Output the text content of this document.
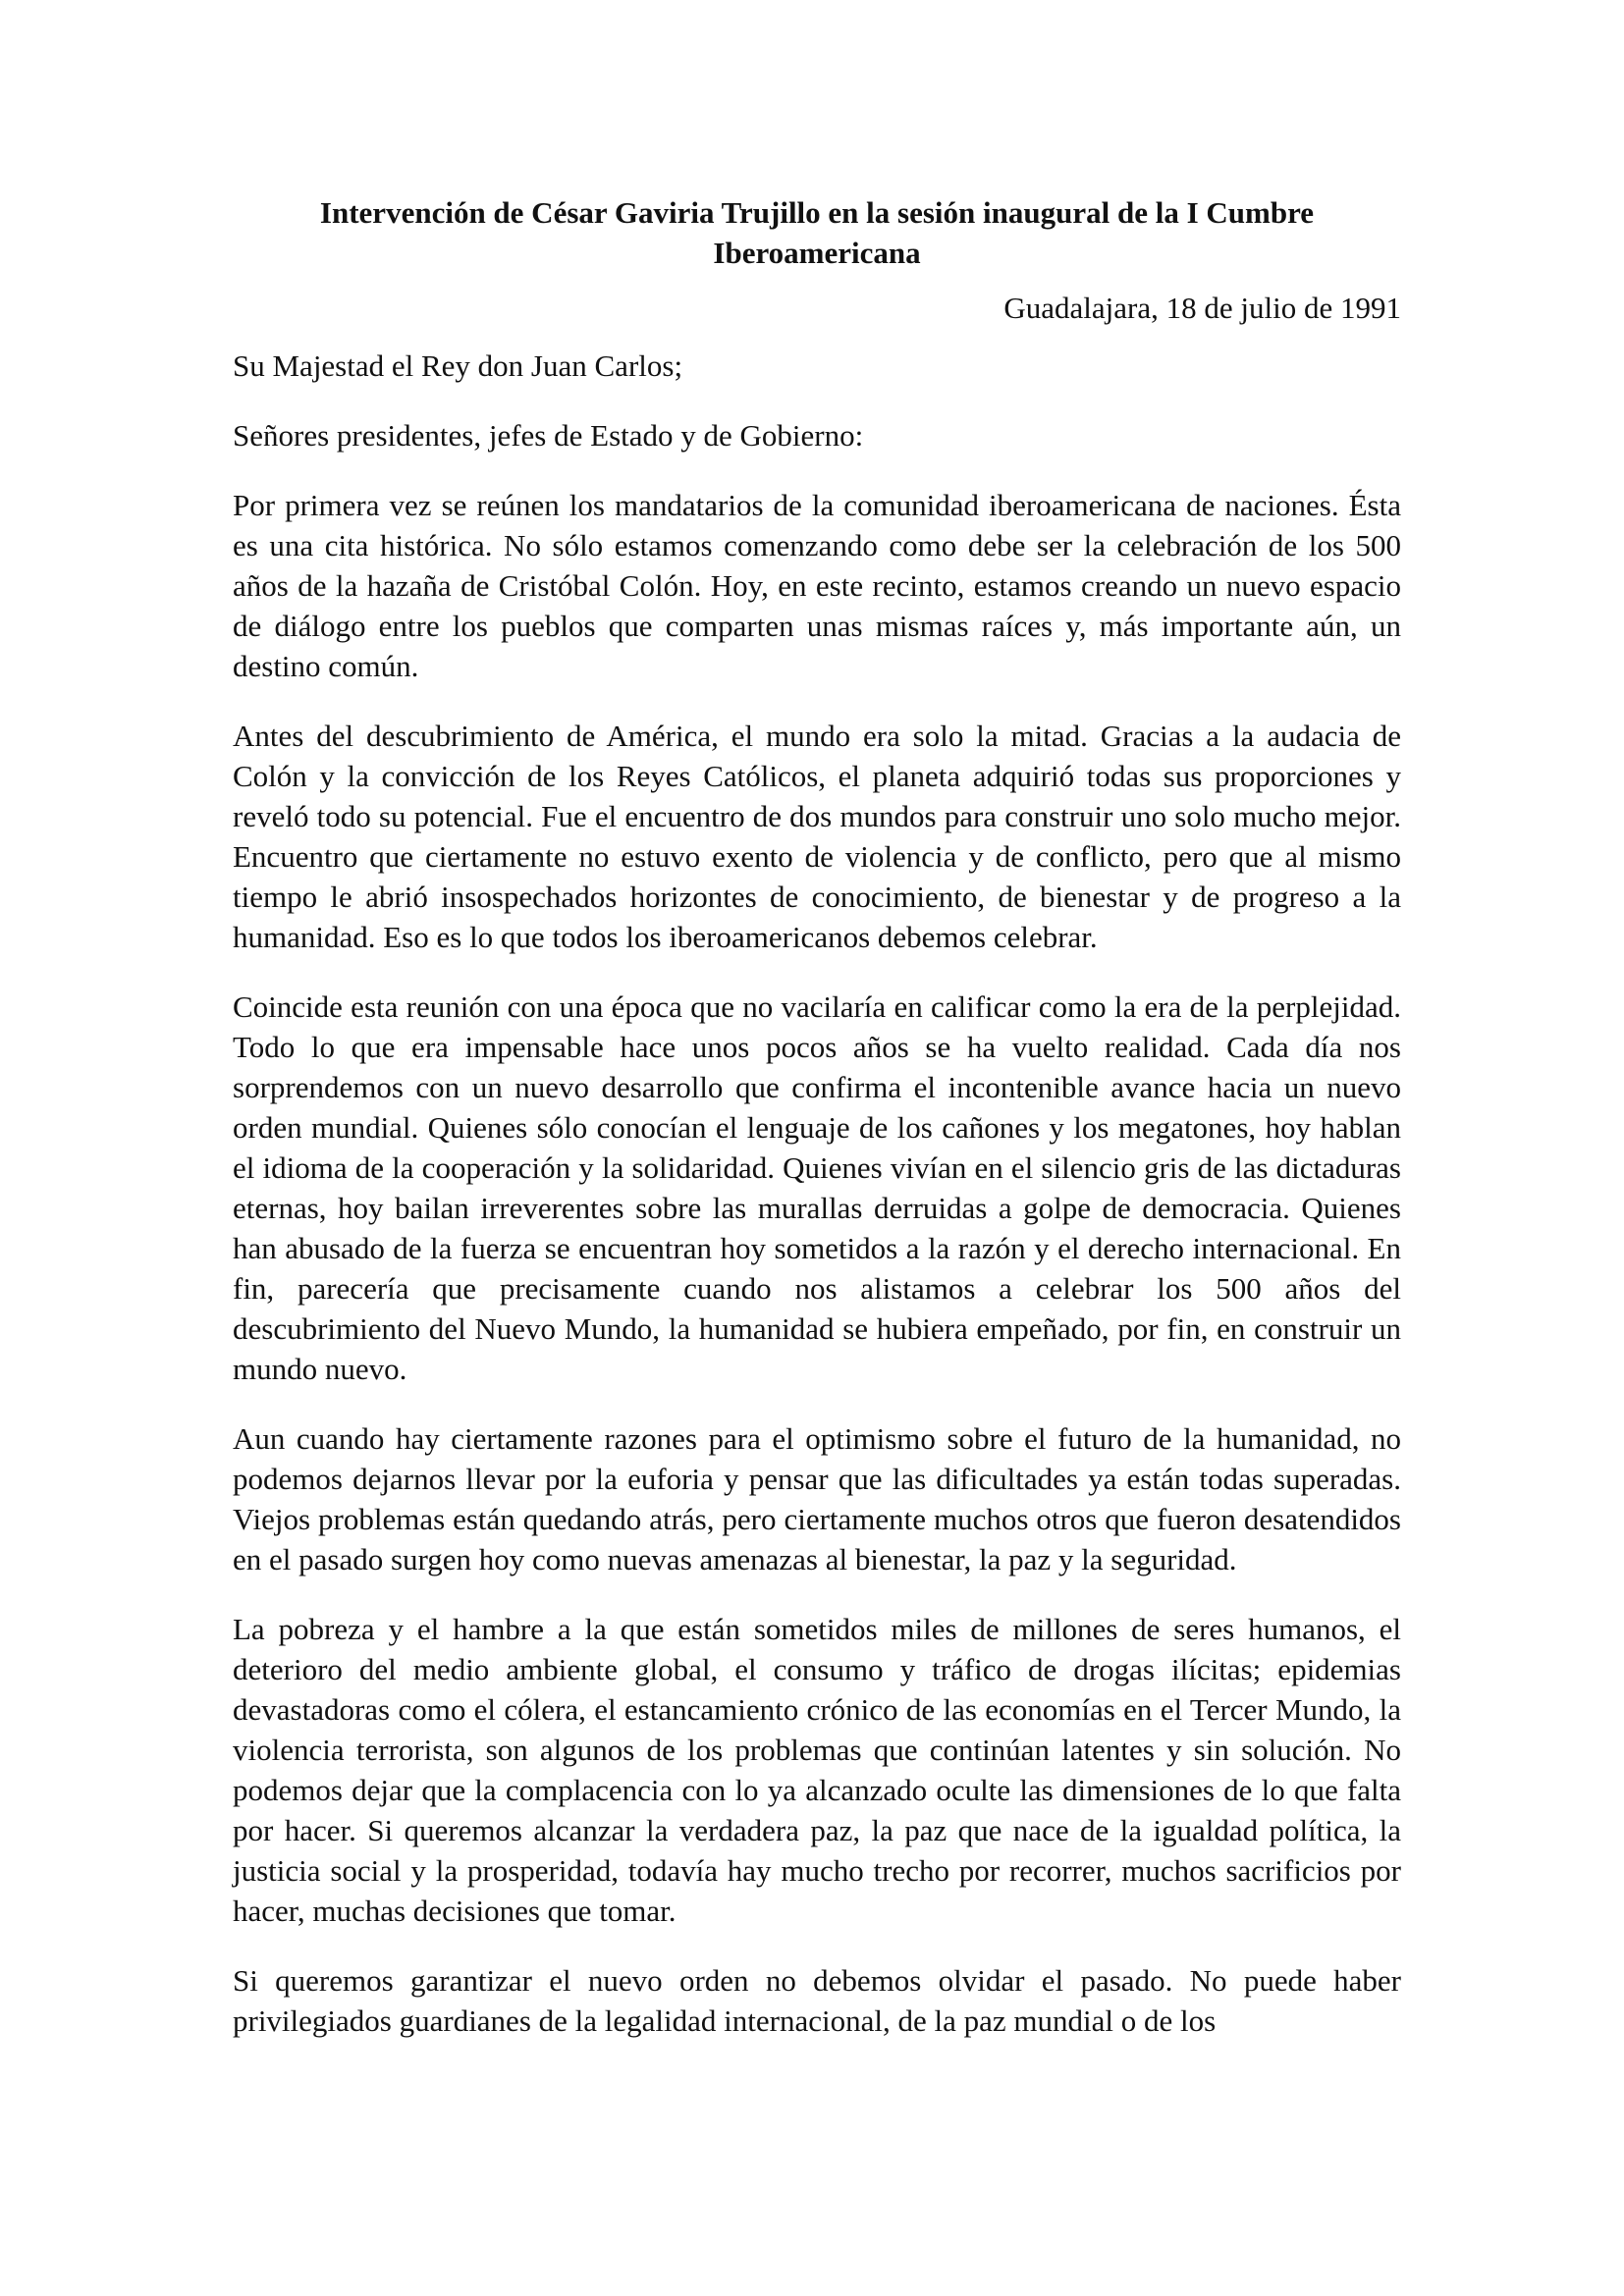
Intervención de César Gaviria Trujillo en la sesión inaugural de la I Cumbre Iberoamericana

Guadalajara, 18 de julio de 1991

Su Majestad el Rey don Juan Carlos;

Señores presidentes, jefes de Estado y de Gobierno:

Por primera vez se reúnen los mandatarios de la comunidad iberoamericana de naciones. Ésta es una cita histórica. No sólo estamos comenzando como debe ser la celebración de los 500 años de la hazaña de Cristóbal Colón. Hoy, en este recinto, estamos creando un nuevo espacio de diálogo entre los pueblos que comparten unas mismas raíces y, más importante aún, un destino común.

Antes del descubrimiento de América, el mundo era solo la mitad. Gracias a la audacia de Colón y la convicción de los Reyes Católicos, el planeta adquirió todas sus proporciones y reveló todo su potencial. Fue el encuentro de dos mundos para construir uno solo mucho mejor. Encuentro que ciertamente no estuvo exento de violencia y de conflicto, pero que al mismo tiempo le abrió insospechados horizontes de conocimiento, de bienestar y de progreso a la humanidad. Eso es lo que todos los iberoamericanos debemos celebrar.

Coincide esta reunión con una época que no vacilaría en calificar como la era de la perplejidad. Todo lo que era impensable hace unos pocos años se ha vuelto realidad. Cada día nos sorprendemos con un nuevo desarrollo que confirma el incontenible avance hacia un nuevo orden mundial. Quienes sólo conocían el lenguaje de los cañones y los megatones, hoy hablan el idioma de la cooperación y la solidaridad. Quienes vivían en el silencio gris de las dictaduras eternas, hoy bailan irreverentes sobre las murallas derruidas a golpe de democracia. Quienes han abusado de la fuerza se encuentran hoy sometidos a la razón y el derecho internacional. En fin, parecería que precisamente cuando nos alistamos a celebrar los 500 años del descubrimiento del Nuevo Mundo, la humanidad se hubiera empeñado, por fin, en construir un mundo nuevo.

Aun cuando hay ciertamente razones para el optimismo sobre el futuro de la humanidad, no podemos dejarnos llevar por la euforia y pensar que las dificultades ya están todas superadas. Viejos problemas están quedando atrás, pero ciertamente muchos otros que fueron desatendidos en el pasado surgen hoy como nuevas amenazas al bienestar, la paz y la seguridad.

La pobreza y el hambre a la que están sometidos miles de millones de seres humanos, el deterioro del medio ambiente global, el consumo y tráfico de drogas ilícitas; epidemias devastadoras como el cólera, el estancamiento crónico de las economías en el Tercer Mundo, la violencia terrorista, son algunos de los problemas que continúan latentes y sin solución. No podemos dejar que la complacencia con lo ya alcanzado oculte las dimensiones de lo que falta por hacer. Si queremos alcanzar la verdadera paz, la paz que nace de la igualdad política, la justicia social y la prosperidad, todavía hay mucho trecho por recorrer, muchos sacrificios por hacer, muchas decisiones que tomar.

Si queremos garantizar el nuevo orden no debemos olvidar el pasado. No puede haber privilegiados guardianes de la legalidad internacional, de la paz mundial o de los
